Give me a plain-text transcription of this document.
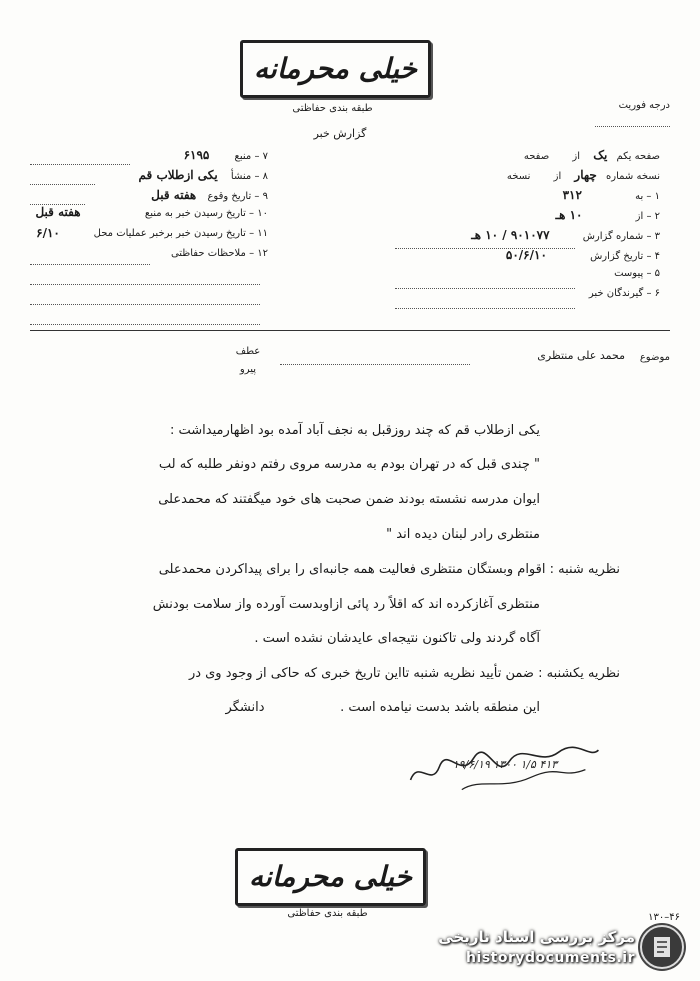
خیلی محرمانه
طبقه بندی حفاظتی	درجه فوریت
گزارش خبر
صفحه یکم یک از صفحه
نسخه شماره چهار از نسخه
۱ – به ۳۱۲
۲ – از ۱۰ هـ
۳ – شماره گزارش ۹۰۱۰۷۷ / ۱۰ هـ
۴ – تاریخ گزارش ۵۰/۶/۱۰
۵ – پیوست
۶ – گیرندگان خبر
۷ – منبع ۶۱۹۵
۸ – منشأ یکی ازطلاب قم
۹ – تاریخ وقوع هفته قبل
۱۰ – تاریخ رسیدن خبر به منبع
۱۱ – تاریخ رسیدن خبر برخبر عملیات محل
۱۲ – ملاحظات حفاظتی
هفته قبل
۶/۱۰
موضوع
محمد علی منتظری
عطف
پیرو
یکی ازطلاب قم که چند روزقبل به نجف آباد آمده بود اظهارمیداشت :
" چندی قبل که در تهران بودم به مدرسه مروی رفتم دونفر طلبه که لب
ایوان مدرسه نشسته بودند ضمن صحبت های خود میگفتند که محمدعلی
منتظری رادر لبنان دیده اند "
نظریه شنبه : اقوام وبستگان منتظری فعالیت همه جانبه‌ای را برای پیداکردن محمدعلی
منتظری آغازکرده اند که اقلاً رد پائی ازاوبدست آورده واز سلامت بودنش
آگاه گردند ولی تاکنون نتیجه‌ای عایدشان نشده است .
نظریه یکشنبه : ضمن تأیید نظریه شنبه تااین تاریخ خبری که حاکی از وجود وی در
این منطقه باشد بدست نیامده است .
دانشگر
۱۹/۶/۱۹ ۱۳۰۰ ۱/۵ ۴۱۳
خیلی محرمانه
طبقه بندی حفاظتی	۴۶–۱۳۰
مرکز بررسی اسناد تاریخی
historydocuments.ir
